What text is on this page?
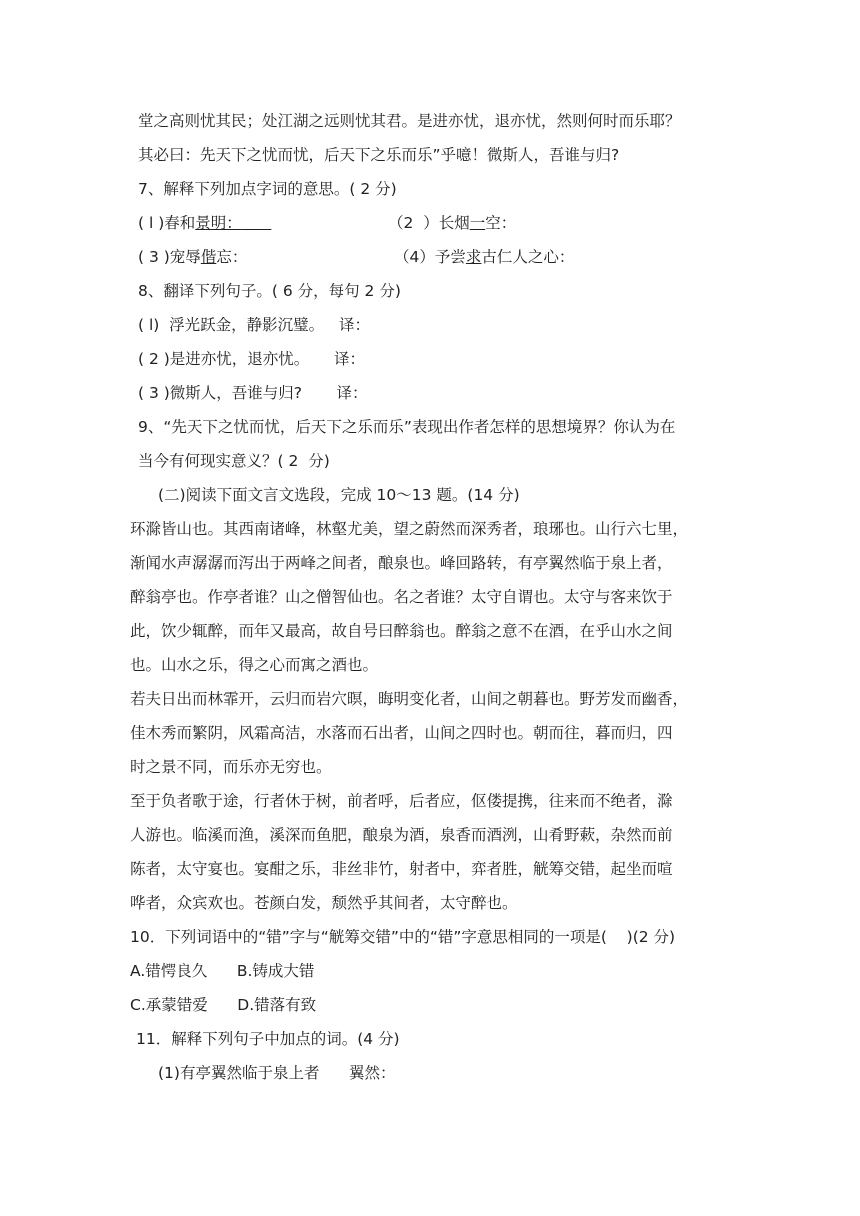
堂之高则忧其民；处江湖之远则忧其君。是进亦忧，退亦忧，然则何时而乐耶？
其必曰：先天下之忧而忧，后天下之乐而乐”乎噫！微斯人，吾谁与归?
7、解释下列加点字词的意思。( 2 分)
( l )春和景明：	（2  ）长烟一空：
( 3 )宠辱偕忘：	（4）予尝求古仁人之心：
8、翻译下列句子。( 6 分，每句 2 分)
( l)  浮光跃金，静影沉璧。   译：
( 2 )是进亦忧，退亦忧。     译：
( 3 )微斯人，吾谁与归?       译：
9、“先天下之忧而忧，后天下之乐而乐”表现出作者怎样的思想境界？你认为在
当今有何现实意义？( 2  分)
(二)阅读下面文言文选段，完成 10～13 题。(14 分)
环滁皆山也。其西南诸峰，林壑尤美，望之蔚然而深秀者，琅琊也。山行六七里，
渐闻水声潺潺而泻出于两峰之间者，酿泉也。峰回路转，有亭翼然临于泉上者，
醉翁亭也。作亭者谁？山之僧智仙也。名之者谁？太守自谓也。太守与客来饮于
此，饮少辄醉，而年又最高，故自号曰醉翁也。醉翁之意不在酒，在乎山水之间
也。山水之乐，得之心而寓之酒也。
若夫日出而林霏开，云归而岩穴暝，晦明变化者，山间之朝暮也。野芳发而幽香，
佳木秀而繁阴，风霜高洁，水落而石出者，山间之四时也。朝而往，暮而归，四
时之景不同，而乐亦无穷也。
至于负者歌于途，行者休于树，前者呼，后者应，伛偻提携，往来而不绝者，滁
人游也。临溪而渔，溪深而鱼肥，酿泉为酒，泉香而酒洌，山肴野蔌，杂然而前
陈者，太守宴也。宴酣之乐，非丝非竹，射者中，弈者胜，觥筹交错，起坐而喧
哗者，众宾欢也。苍颜白发，颓然乎其间者，太守醉也。
10．下列词语中的“错”字与“觥筹交错”中的“错”字意思相同的一项是(    )(2 分)
A.错愕良久      B.铸成大错
C.承蒙错爱      D.错落有致
11．解释下列句子中加点的词。(4 分)
(1)有亭翼然临于泉上者      翼然：
